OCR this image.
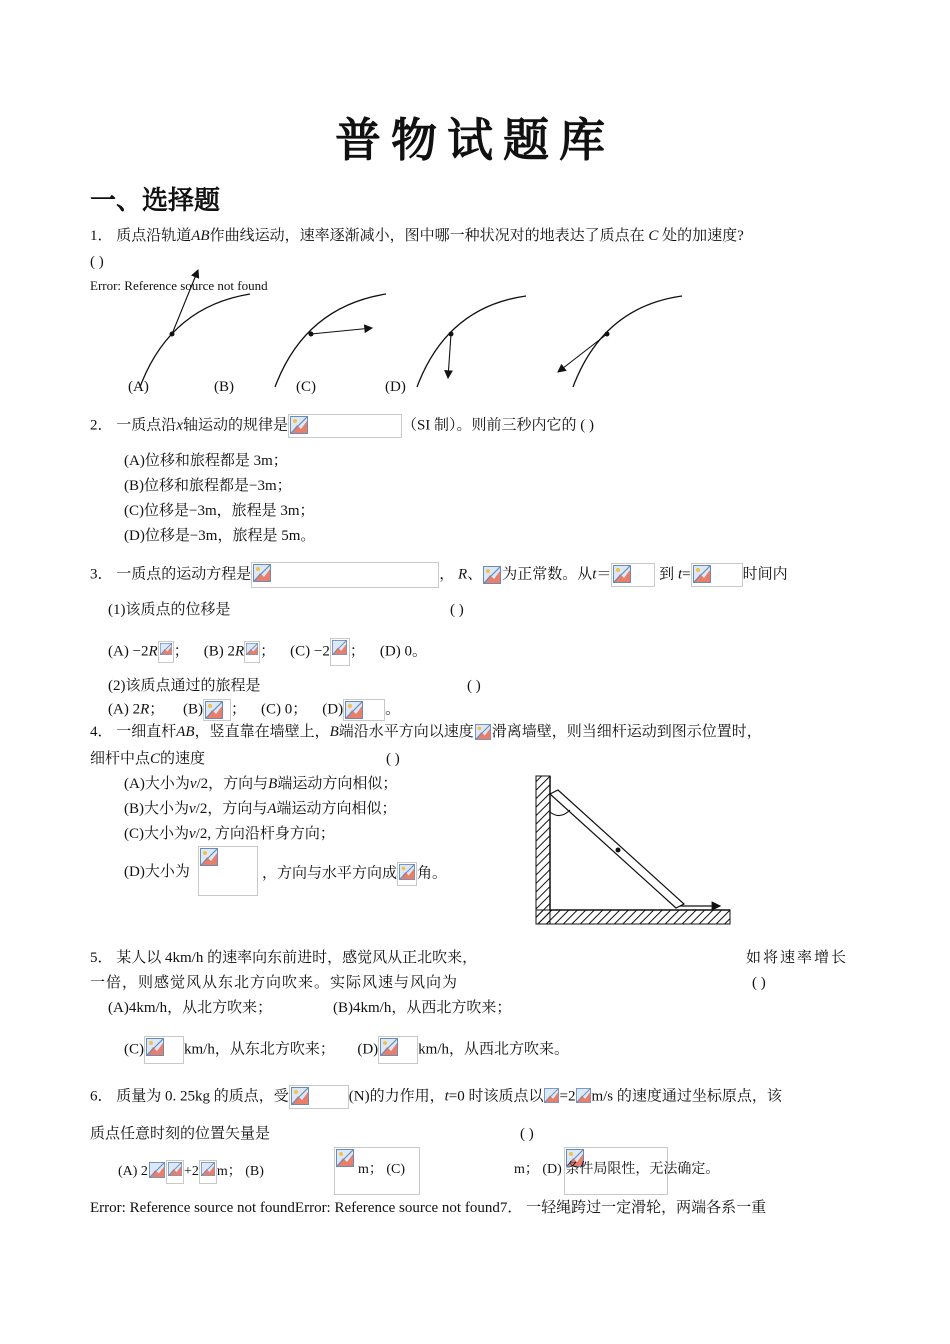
普物试题库
一、选择题
1． 质点沿轨道AB作曲线运动，速率逐渐减小，图中哪一种状况对的地表达了质点在 C 处的加速度?
( )
Error: Reference source not found
(A)	(B)	(C)	(D)
2． 一质点沿x轴运动的规律是	（SI 制）。则前三秒内它的 ( )
(A)位移和旅程都是 3m；
(B)位移和旅程都是−3m；
(C)位移是−3m，旅程是 3m；
(D)位移是−3m，旅程是 5m。
3． 一质点的运动方程是	， R、 为正常数。从t＝	到 t=	时间内
(1)该质点的位移是	( )
(A) −2R ； (B) 2R ； (C) −2 ； (D) 0。
(2)该质点通过的旅程是	( )
(A) 2R； (B) ； (C) 0； (D)	。
4． 一细直杆AB，竖直靠在墙壁上，B端沿水平方向以速度 滑离墙壁，则当细杆运动到图示位置时，
细杆中点C的速度	( )
(A)大小为v/2，方向与B端运动方向相似；
(B)大小为v/2，方向与A端运动方向相似；
(C)大小为v/2, 方向沿杆身方向；
(D)大小为
	，方向与水平方向成 角。
5． 某人以 4km/h 的速率向东前进时，感觉风从正北吹来，	如将速率增长
一倍，则感觉风从东北方向吹来。实际风速与风向为	( )
(A)4km/h，从北方吹来；	(B)4km/h，从西北方吹来；
(C)	km/h，从东北方吹来； (D)	km/h，从西北方吹来。
6． 质量为 0. 25kg 的质点，受	(N)的力作用，t=0 时该质点以 =2 m/s 的速度通过坐标原点，该
质点任意时刻的位置矢量是	( )
(A) 2	+2 m； (B)
	m； (C)	m； (D) 条件局限性，无法确定。
Error: Reference source not foundError: Reference source not found7． 一轻绳跨过一定滑轮，两端各系一重
